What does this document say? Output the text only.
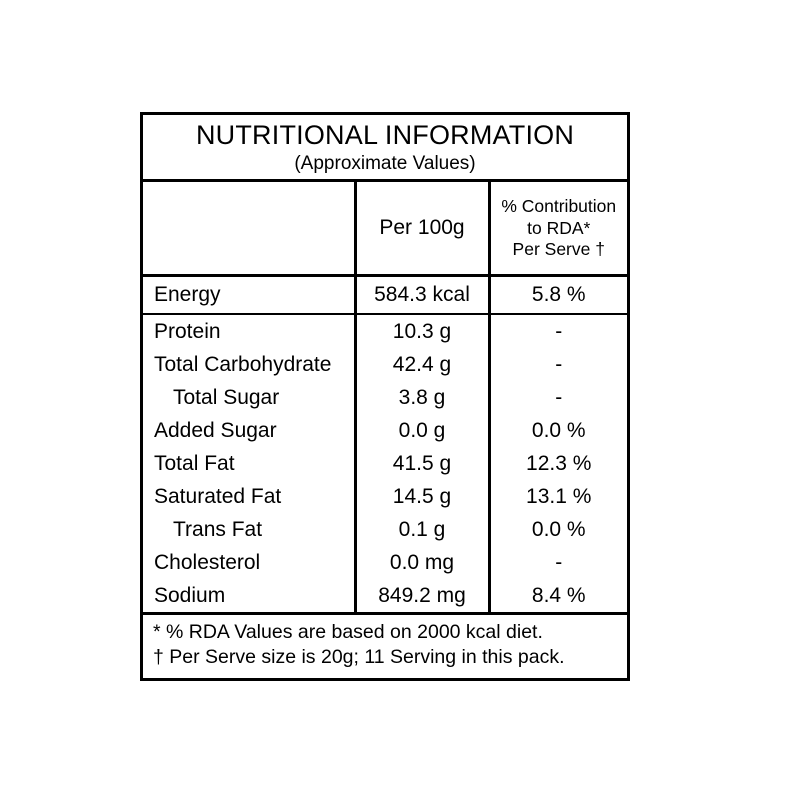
NUTRITIONAL INFORMATION
(Approximate Values)
	Per 100g	
% Contribution
to RDA*
Per Serve †
Energy	584.3 kcal	5.8 %
Protein	10.3 g	-
Total Carbohydrate	42.4 g	-
Total Sugar	3.8 g	-
Added Sugar	0.0 g	0.0 %
Total Fat	41.5 g	12.3 %
Saturated Fat	14.5 g	13.1 %
Trans Fat	0.1 g	0.0 %
Cholesterol	0.0 mg	-
Sodium	849.2 mg	8.4 %
* % RDA Values are based on 2000 kcal diet.
† Per Serve size is 20g; 11 Serving in this pack.
